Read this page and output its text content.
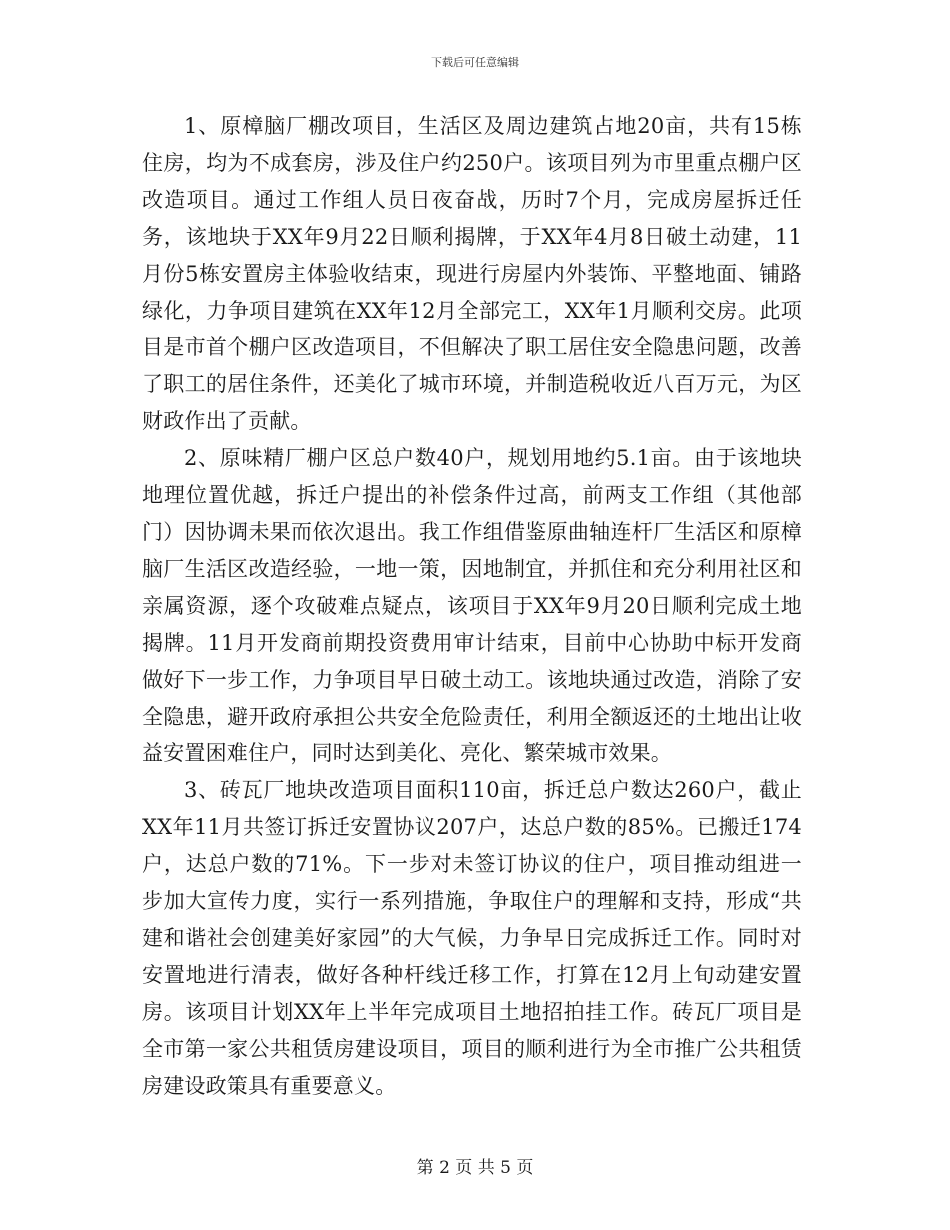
下载后可任意编辑

1、原樟脑厂棚改项目，生活区及周边建筑占地20亩，共有15栋住房，均为不成套房，涉及住户约250户。该项目列为市里重点棚户区改造项目。通过工作组人员日夜奋战，历时7个月，完成房屋拆迁任务，该地块于XX年9月22日顺利揭牌，于XX年4月8日破土动建，11月份5栋安置房主体验收结束，现进行房屋内外装饰、平整地面、铺路绿化，力争项目建筑在XX年12月全部完工，XX年1月顺利交房。此项目是市首个棚户区改造项目，不但解决了职工居住安全隐患问题，改善了职工的居住条件，还美化了城市环境，并制造税收近八百万元，为区财政作出了贡献。

2、原味精厂棚户区总户数40户，规划用地约5.1亩。由于该地块地理位置优越，拆迁户提出的补偿条件过高，前两支工作组（其他部门）因协调未果而依次退出。我工作组借鉴原曲轴连杆厂生活区和原樟脑厂生活区改造经验，一地一策，因地制宜，并抓住和充分利用社区和亲属资源，逐个攻破难点疑点，该项目于XX年9月20日顺利完成土地揭牌。11月开发商前期投资费用审计结束，目前中心协助中标开发商做好下一步工作，力争项目早日破土动工。该地块通过改造，消除了安全隐患，避开政府承担公共安全危险责任，利用全额返还的土地出让收益安置困难住户，同时达到美化、亮化、繁荣城市效果。

3、砖瓦厂地块改造项目面积110亩，拆迁总户数达260户，截止XX年11月共签订拆迁安置协议207户，达总户数的85%。已搬迁174户，达总户数的71%。下一步对未签订协议的住户，项目推动组进一步加大宣传力度，实行一系列措施，争取住户的理解和支持，形成“共建和谐社会创建美好家园”的大气候，力争早日完成拆迁工作。同时对安置地进行清表，做好各种杆线迁移工作，打算在12月上旬动建安置房。该项目计划XX年上半年完成项目土地招拍挂工作。砖瓦厂项目是全市第一家公共租赁房建设项目，项目的顺利进行为全市推广公共租赁房建设政策具有重要意义。

第 2 页 共 5 页
